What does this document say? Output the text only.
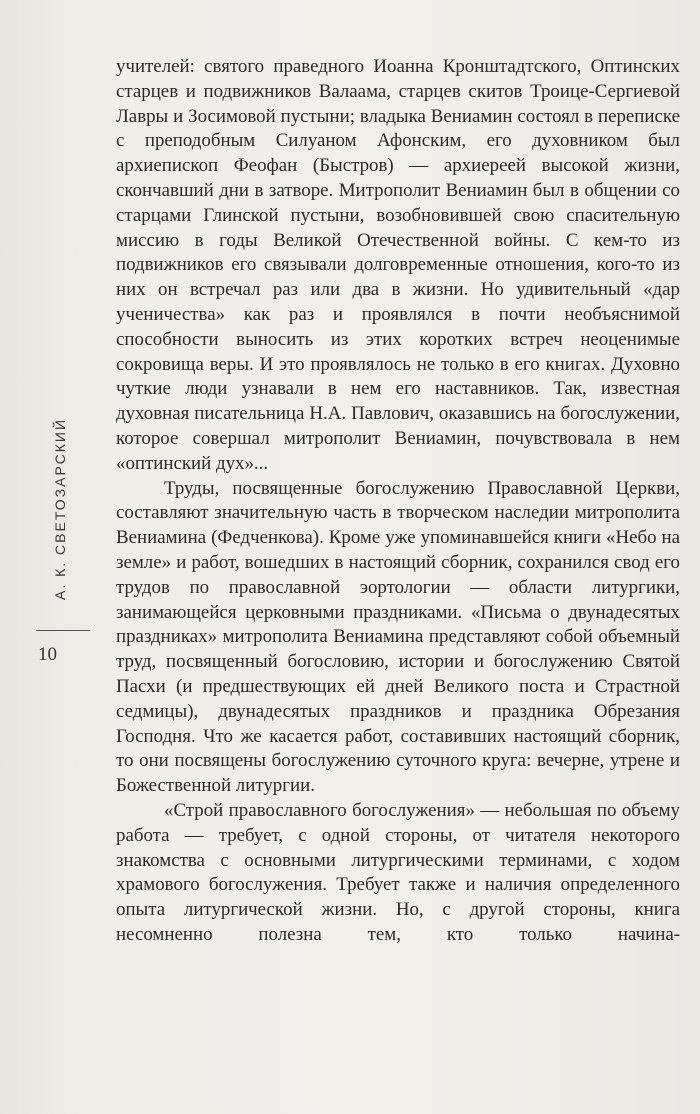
А. К. СВЕТОЗАРСКИЙ
10

учителей: святого праведного Иоанна Кронштадтского, Оптинских старцев и подвижников Валаама, старцев скитов Троице-Сергиевой Лавры и Зосимовой пустыни; владыка Вениамин состоял в переписке с преподобным Силуаном Афонским, его духовником был архиепископ Феофан (Быстров) — архиереей высокой жизни, скончавший дни в затворе. Митрополит Вениамин был в общении со старцами Глинской пустыни, возобновившей свою спасительную миссию в годы Великой Отечественной войны. С кем-то из подвижников его связывали долговременные отношения, кого-то из них он встречал раз или два в жизни. Но удивительный «дар ученичества» как раз и проявлялся в почти необъяснимой способности выносить из этих коротких встреч неоценимые сокровища веры. И это проявлялось не только в его книгах. Духовно чуткие люди узнавали в нем его наставников. Так, известная духовная писательница Н.А. Павлович, оказавшись на богослужении, которое совершал митрополит Вениамин, почувствовала в нем «оптинский дух»...

Труды, посвященные богослужению Православной Церкви, составляют значительную часть в творческом наследии митрополита Вениамина (Федченкова). Кроме уже упоминавшейся книги «Небо на земле» и работ, вошедших в настоящий сборник, сохранился свод его трудов по православной эортологии — области литургики, занимающейся церковными праздниками. «Письма о двунадесятых праздниках» митрополита Вениамина представляют собой объемный труд, посвященный богословию, истории и богослужению Святой Пасхи (и предшествующих ей дней Великого поста и Страстной седмицы), двунадесятых праздников и праздника Обрезания Господня. Что же касается работ, составивших настоящий сборник, то они посвящены богослужению суточного круга: вечерне, утрене и Божественной литургии.

«Строй православного богослужения» — небольшая по объему работа — требует, с одной стороны, от читателя некоторого знакомства с основными литургическими терминами, с ходом храмового богослужения. Требует также и наличия определенного опыта литургической жизни. Но, с другой стороны, книга несомненно полезна тем, кто только начина-
